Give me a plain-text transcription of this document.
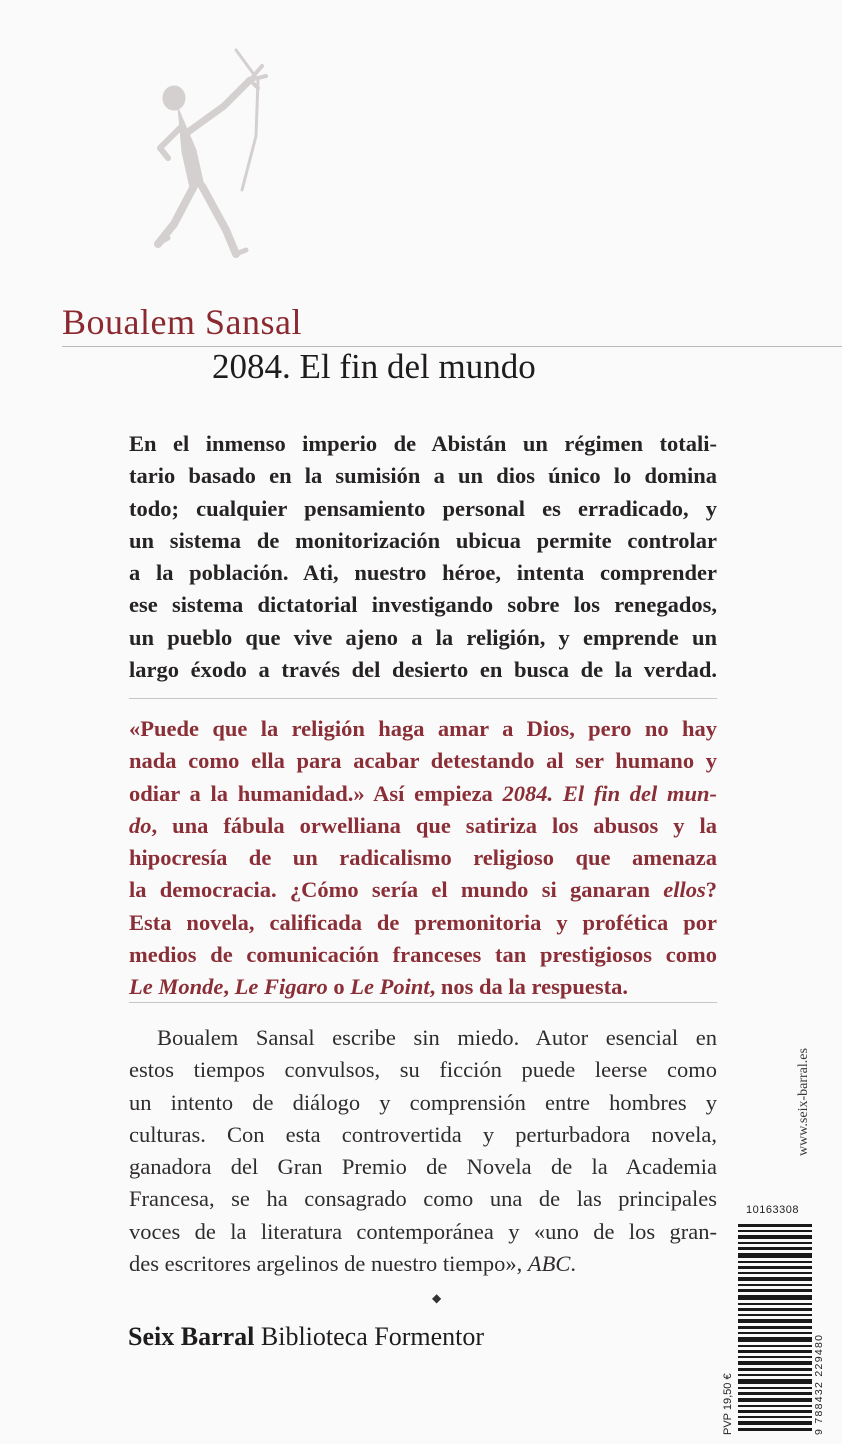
Boualem Sansal
2084. El fin del mundo
En el inmenso imperio de Abistán un régimen totali-
tario basado en la sumisión a un dios único lo domina
todo; cualquier pensamiento personal es erradicado, y
un sistema de monitorización ubicua permite controlar
a la población. Ati, nuestro héroe, intenta comprender
ese sistema dictatorial investigando sobre los renegados,
un pueblo que vive ajeno a la religión, y emprende un
largo éxodo a través del desierto en busca de la verdad.
«Puede que la religión haga amar a Dios, pero no hay
nada como ella para acabar detestando al ser humano y
odiar a la humanidad.» Así empieza 2084. El fin del mun-
do, una fábula orwelliana que satiriza los abusos y la
hipocresía de un radicalismo religioso que amenaza
la democracia. ¿Cómo sería el mundo si ganaran ellos?
Esta novela, calificada de premonitoria y profética por
medios de comunicación franceses tan prestigiosos como
Le Monde, Le Figaro o Le Point, nos da la respuesta.
Boualem Sansal escribe sin miedo. Autor esencial en
estos tiempos convulsos, su ficción puede leerse como
un intento de diálogo y comprensión entre hombres y
culturas. Con esta controvertida y perturbadora novela,
ganadora del Gran Premio de Novela de la Academia
Francesa, se ha consagrado como una de las principales
voces de la literatura contemporánea y «uno de los gran-
des escritores argelinos de nuestro tiempo», ABC.
◆
Seix Barral Biblioteca Formentor
www.seix-barral.es
10163308
PVP 19,50 €	9 788432 229480
